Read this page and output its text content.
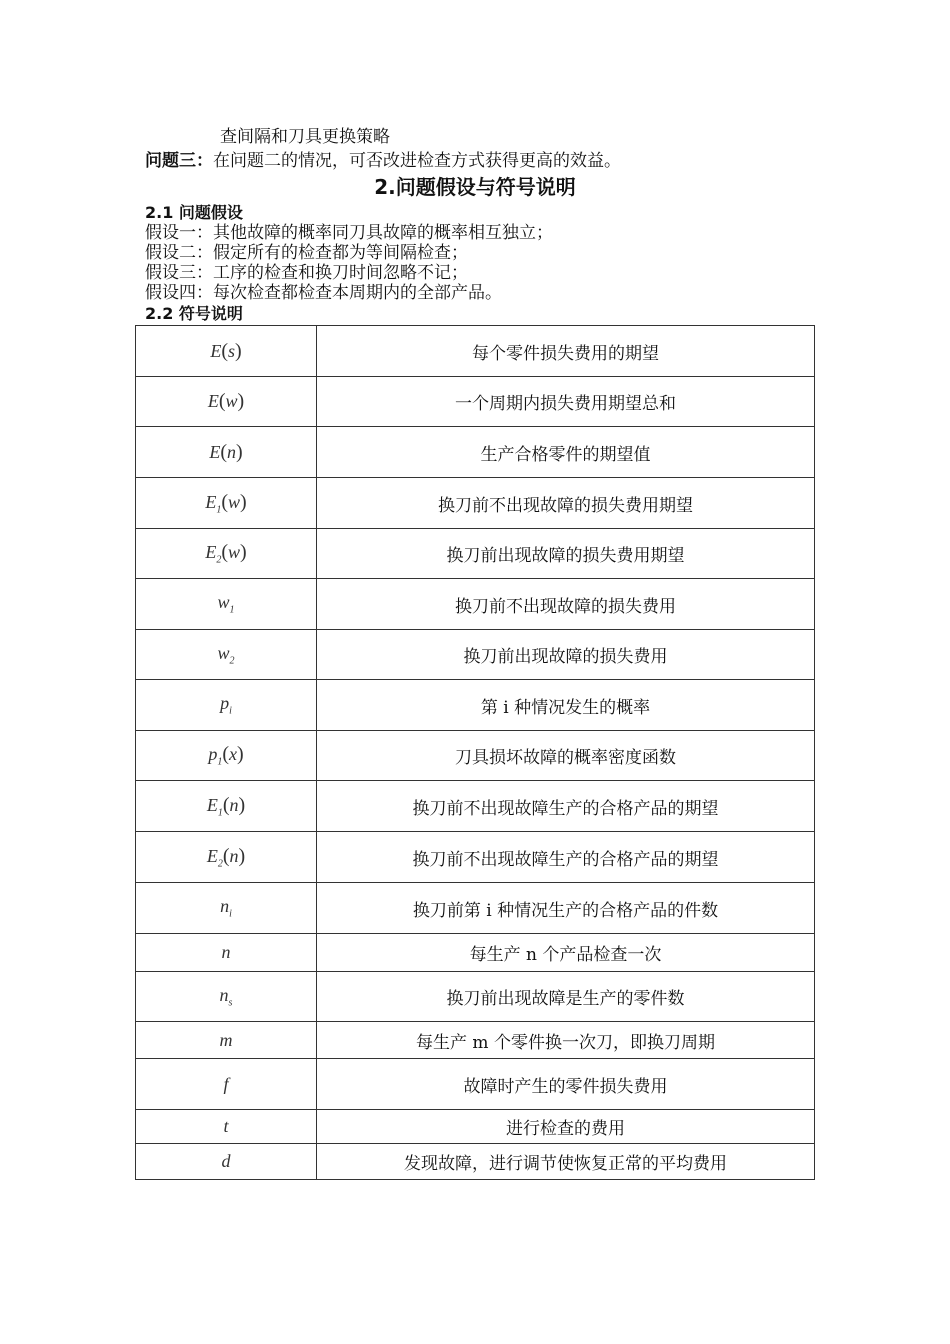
查间隔和刀具更换策略
问题三：在问题二的情况，可否改进检查方式获得更高的效益。
2.问题假设与符号说明
2.1 问题假设
假设一：其他故障的概率同刀具故障的概率相互独立；
假设二：假定所有的检查都为等间隔检查；
假设三：工序的检查和换刀时间忽略不记；
假设四：每次检查都检查本周期内的全部产品。
2.2 符号说明
E(s)	每个零件损失费用的期望
E(w)	一个周期内损失费用期望总和
E(n)	生产合格零件的期望值
$E_1(w)$	换刀前不出现故障的损失费用期望
$E_2(w)$	换刀前出现故障的损失费用期望
$w_1$	换刀前不出现故障的损失费用
$w_2$	换刀前出现故障的损失费用
$p_i$	第 i 种情况发生的概率
$p_1(x)$	刀具损坏故障的概率密度函数
$E_1(n)$	换刀前不出现故障生产的合格产品的期望
$E_2(n)$	换刀前不出现故障生产的合格产品的期望
$n_i$	换刀前第 i 种情况生产的合格产品的件数
n	每生产 n 个产品检查一次
$n_s$	换刀前出现故障是生产的零件数
m	每生产 m 个零件换一次刀，即换刀周期
f	故障时产生的零件损失费用
t	进行检查的费用
d	发现故障，进行调节使恢复正常的平均费用
